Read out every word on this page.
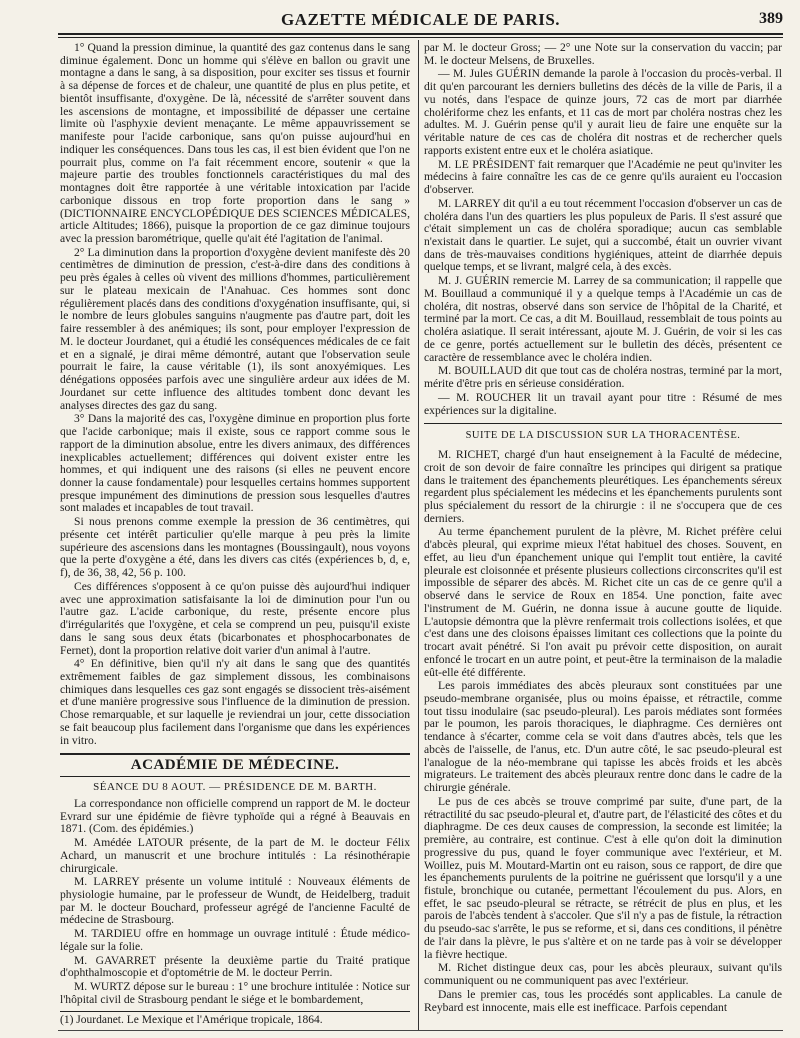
GAZETTE MÉDICALE DE PARIS.	389

1° Quand la pression diminue, la quantité des gaz contenus dans le sang diminue également. Donc un homme qui s'élève en ballon ou gravit une montagne a dans le sang, à sa disposition, pour exciter ses tissus et fournir à sa dépense de forces et de chaleur, une quantité de plus en plus petite, et bientôt insuffisante, d'oxygène. De là, nécessité de s'arrêter souvent dans les ascensions de montagne, et impossibilité de dépasser une certaine limite où l'asphyxie devient menaçante. Le même appauvrissement se manifeste pour l'acide carbonique, sans qu'on puisse aujourd'hui en indiquer les conséquences. Dans tous les cas, il est bien évident que l'on ne pourrait plus, comme on l'a fait récemment encore, soutenir « que la majeure partie des troubles fonctionnels caractéristiques du mal des montagnes doit être rapportée à une véritable intoxication par l'acide carbonique dissous en trop forte proportion dans le sang » (DICTIONNAIRE ENCYCLOPÉDIQUE DES SCIENCES MÉDICALES, article Altitudes; 1866), puisque la proportion de ce gaz diminue toujours avec la pression barométrique, quelle qu'ait été l'agitation de l'animal.

2° La diminution dans la proportion d'oxygène devient manifeste dès 20 centimètres de diminution de pression, c'est-à-dire dans des conditions à peu près égales à celles où vivent des millions d'hommes, particulièrement sur le plateau mexicain de l'Anahuac. Ces hommes sont donc régulièrement placés dans des conditions d'oxygénation insuffisante, qui, si le nombre de leurs globules sanguins n'augmente pas d'autre part, doit les faire ressembler à des anémiques; ils sont, pour employer l'expression de M. le docteur Jourdanet, qui a étudié les conséquences médicales de ce fait et en a signalé, je dirai même démontré, autant que l'observation seule pourrait le faire, la cause véritable (1), ils sont anoxyémiques. Les dénégations opposées parfois avec une singulière ardeur aux idées de M. Jourdanet sur cette influence des altitudes tombent donc devant les analyses directes des gaz du sang.

3° Dans la majorité des cas, l'oxygène diminue en proportion plus forte que l'acide carbonique; mais il existe, sous ce rapport comme sous le rapport de la diminution absolue, entre les divers animaux, des différences inexplicables actuellement; différences qui doivent exister entre les hommes, et qui indiquent une des raisons (si elles ne peuvent encore donner la cause fondamentale) pour lesquelles certains hommes supportent presque impunément des diminutions de pression sous lesquelles d'autres sont malades et incapables de tout travail.

Si nous prenons comme exemple la pression de 36 centimètres, qui présente cet intérêt particulier qu'elle marque à peu près la limite supérieure des ascensions dans les montagnes (Boussingault), nous voyons que la perte d'oxygène a été, dans les divers cas cités (expériences b, d, e, f), de 36, 38, 42, 56 p. 100.

Ces différences s'opposent à ce qu'on puisse dès aujourd'hui indiquer avec une approximation satisfaisante la loi de diminution pour l'un ou l'autre gaz. L'acide carbonique, du reste, présente encore plus d'irrégularités que l'oxygène, et cela se comprend un peu, puisqu'il existe dans le sang sous deux états (bicarbonates et phosphocarbonates de Fernet), dont la proportion relative doit varier d'un animal à l'autre.

4° En définitive, bien qu'il n'y ait dans le sang que des quantités extrêmement faibles de gaz simplement dissous, les combinaisons chimiques dans lesquelles ces gaz sont engagés se dissocient très-aisément et d'une manière progressive sous l'influence de la diminution de pression. Chose remarquable, et sur laquelle je reviendrai un jour, cette dissociation se fait beaucoup plus facilement dans l'organisme que dans les expériences in vitro.

ACADÉMIE DE MÉDECINE.
SÉANCE DU 8 AOUT. — PRÉSIDENCE DE M. BARTH.

La correspondance non officielle comprend un rapport de M. le docteur Evrard sur une épidémie de fièvre typhoïde qui a régné à Beauvais en 1871. (Com. des épidémies.)

M. Amédée LATOUR présente, de la part de M. le docteur Félix Achard, un manuscrit et une brochure intitulés : La résinothérapie chirurgicale.

M. LARREY présente un volume intitulé : Nouveaux éléments de physiologie humaine, par le professeur de Wundt, de Heidelberg, traduit par M. le docteur Bouchard, professeur agrégé de l'ancienne Faculté de médecine de Strasbourg.

M. TARDIEU offre en hommage un ouvrage intitulé : Étude médico-légale sur la folie.

M. GAVARRET présente la deuxième partie du Traité pratique d'ophthalmoscopie et d'optométrie de M. le docteur Perrin.

M. WURTZ dépose sur le bureau : 1° une brochure intitulée : Notice sur l'hôpital civil de Strasbourg pendant le siége et le bombardement,

(1) Jourdanet. Le Mexique et l'Amérique tropicale, 1864.

par M. le docteur Gross; — 2° une Note sur la conservation du vaccin; par M. le docteur Melsens, de Bruxelles.

— M. Jules GUÉRIN demande la parole à l'occasion du procès-verbal. Il dit qu'en parcourant les derniers bulletins des décès de la ville de Paris, il a vu notés, dans l'espace de quinze jours, 72 cas de mort par diarrhée cholériforme chez les enfants, et 11 cas de mort par choléra nostras chez les adultes. M. J. Guérin pense qu'il y aurait lieu de faire une enquête sur la véritable nature de ces cas de choléra dit nostras et de rechercher quels rapports existent entre eux et le choléra asiatique.

M. LE PRÉSIDENT fait remarquer que l'Académie ne peut qu'inviter les médecins à faire connaître les cas de ce genre qu'ils auraient eu l'occasion d'observer.

M. LARREY dit qu'il a eu tout récemment l'occasion d'observer un cas de choléra dans l'un des quartiers les plus populeux de Paris. Il s'est assuré que c'était simplement un cas de choléra sporadique; aucun cas semblable n'existait dans le quartier. Le sujet, qui a succombé, était un ouvrier vivant dans de très-mauvaises conditions hygiéniques, atteint de diarrhée depuis quelque temps, et se livrant, malgré cela, à des excès.

M. J. GUÉRIN remercie M. Larrey de sa communication; il rappelle que M. Bouillaud a communiqué il y a quelque temps à l'Académie un cas de choléra, dit nostras, observé dans son service de l'hôpital de la Charité, et terminé par la mort. Ce cas, a dit M. Bouillaud, ressemblait de tous points au choléra asiatique. Il serait intéressant, ajoute M. J. Guérin, de voir si les cas de ce genre, portés actuellement sur le bulletin des décès, présentent ce caractère de ressemblance avec le choléra indien.

M. BOUILLAUD dit que tout cas de choléra nostras, terminé par la mort, mérite d'être pris en sérieuse considération.

— M. ROUCHER lit un travail ayant pour titre : Résumé de mes expériences sur la digitaline.

SUITE DE LA DISCUSSION SUR LA THORACENTÈSE.

M. RICHET, chargé d'un haut enseignement à la Faculté de médecine, croit de son devoir de faire connaître les principes qui dirigent sa pratique dans le traitement des épanchements pleurétiques. Les épanchements séreux regardent plus spécialement les médecins et les épanchements purulents sont plus spécialement du ressort de la chirurgie : il ne s'occupera que de ces derniers.

Au terme épanchement purulent de la plèvre, M. Richet préfère celui d'abcès pleural, qui exprime mieux l'état habituel des choses. Souvent, en effet, au lieu d'un épanchement unique qui l'emplit tout entière, la cavité pleurale est cloisonnée et présente plusieurs collections circonscrites qu'il est impossible de séparer des abcès. M. Richet cite un cas de ce genre qu'il a observé dans le service de Roux en 1854. Une ponction, faite avec l'instrument de M. Guérin, ne donna issue à aucune goutte de liquide. L'autopsie démontra que la plèvre renfermait trois collections isolées, et que c'est dans une des cloisons épaisses limitant ces collections que la pointe du trocart avait pénétré. Si l'on avait pu prévoir cette disposition, on aurait enfoncé le trocart en un autre point, et peut-être la terminaison de la maladie eût-elle été différente.

Les parois immédiates des abcès pleuraux sont constituées par une pseudo-membrane organisée, plus ou moins épaisse, et rétractile, comme tout tissu inodulaire (sac pseudo-pleural). Les parois médiates sont formées par le poumon, les parois thoraciques, le diaphragme. Ces dernières ont tendance à s'écarter, comme cela se voit dans d'autres abcès, tels que les abcès de l'aisselle, de l'anus, etc. D'un autre côté, le sac pseudo-pleural est l'analogue de la néo-membrane qui tapisse les abcès froids et les abcès migrateurs. Le traitement des abcès pleuraux rentre donc dans le cadre de la chirurgie générale.

Le pus de ces abcès se trouve comprimé par suite, d'une part, de la rétractilité du sac pseudo-pleural et, d'autre part, de l'élasticité des côtes et du diaphragme. De ces deux causes de compression, la seconde est limitée; la première, au contraire, est continue. C'est à elle qu'on doit la diminution progressive du pus, quand le foyer communique avec l'extérieur, et M. Woillez, puis M. Moutard-Martin ont eu raison, sous ce rapport, de dire que les épanchements purulents de la poitrine ne guérissent que lorsqu'il y a une fistule, bronchique ou cutanée, permettant l'écoulement du pus. Alors, en effet, le sac pseudo-pleural se rétracte, se rétrécit de plus en plus, et les parois de l'abcès tendent à s'accoler. Que s'il n'y a pas de fistule, la rétraction du pseudo-sac s'arrête, le pus se reforme, et si, dans ces conditions, il pénètre de l'air dans la plèvre, le pus s'altère et on ne tarde pas à voir se développer la fièvre hectique.

M. Richet distingue deux cas, pour les abcès pleuraux, suivant qu'ils communiquent ou ne communiquent pas avec l'extérieur.

Dans le premier cas, tous les procédés sont applicables. La canule de Reybard est innocente, mais elle est inefficace. Parfois cependant
